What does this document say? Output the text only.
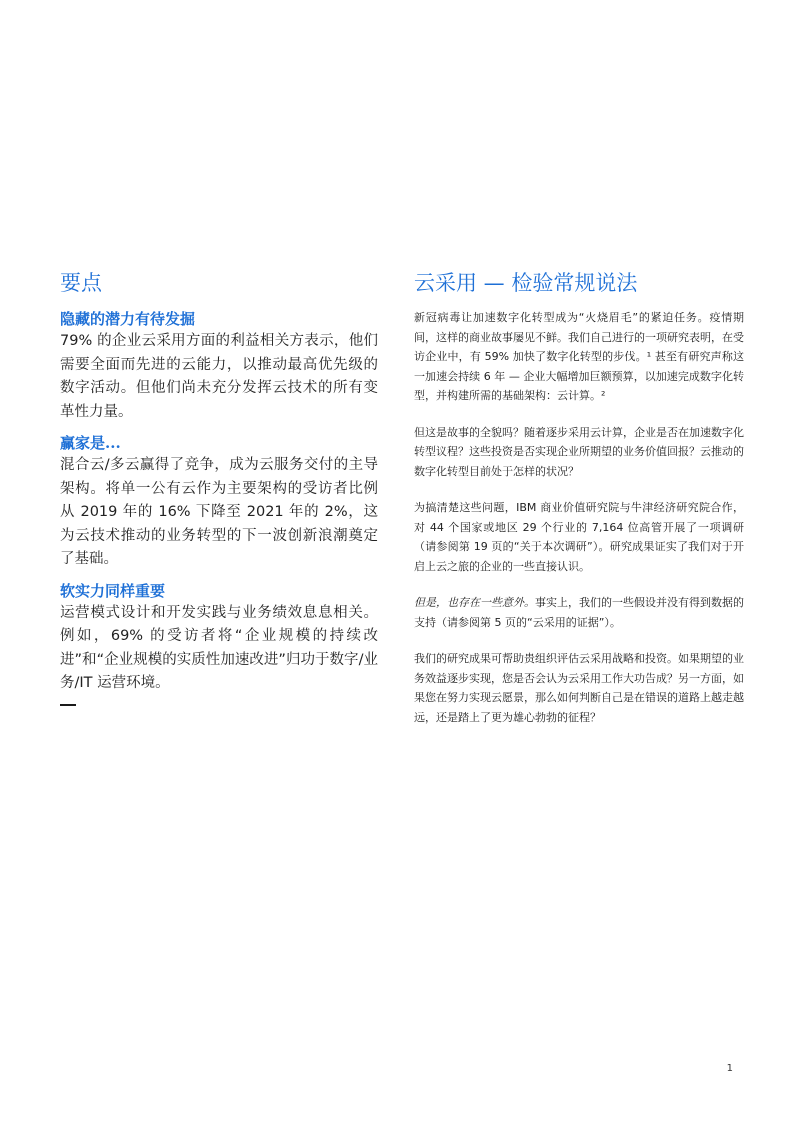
要点
隐藏的潜力有待发掘

79% 的企业云采用方面的利益相关方表示，他们需要全面而先进的云能力，以推动最高优先级的数字活动。但他们尚未充分发挥云技术的所有变革性力量。

赢家是...

混合云/多云赢得了竞争，成为云服务交付的主导架构。将单一公有云作为主要架构的受访者比例从 2019 年的 16% 下降至 2021 年的 2%，这为云技术推动的业务转型的下一波创新浪潮奠定了基础。

软实力同样重要

运营模式设计和开发实践与业务绩效息息相关。例如，69% 的受访者将“企业规模的持续改进”和“企业规模的实质性加速改进”归功于数字/业务/IT 运营环境。

云采用 — 检验常规说法

新冠病毒让加速数字化转型成为“火烧眉毛”的紧迫任务。疫情期间，这样的商业故事屡见不鲜。我们自己进行的一项研究表明，在受访企业中，有 59% 加快了数字化转型的步伐。¹ 甚至有研究声称这一加速会持续 6 年 — 企业大幅增加巨额预算，以加速完成数字化转型，并构建所需的基础架构：云计算。²

但这是故事的全貌吗？随着逐步采用云计算，企业是否在加速数字化转型议程？这些投资是否实现企业所期望的业务价值回报？云推动的数字化转型目前处于怎样的状况？

为搞清楚这些问题，IBM 商业价值研究院与牛津经济研究院合作，对 44 个国家或地区 29 个行业的 7,164 位高管开展了一项调研（请参阅第 19 页的“关于本次调研”）。研究成果证实了我们对于开启上云之旅的企业的一些直接认识。

但是，也存在一些意外。事实上，我们的一些假设并没有得到数据的支持（请参阅第 5 页的“云采用的证据”）。

我们的研究成果可帮助贵组织评估云采用战略和投资。如果期望的业务效益逐步实现，您是否会认为云采用工作大功告成？另一方面，如果您在努力实现云愿景，那么如何判断自己是在错误的道路上越走越远，还是踏上了更为雄心勃勃的征程？

1
